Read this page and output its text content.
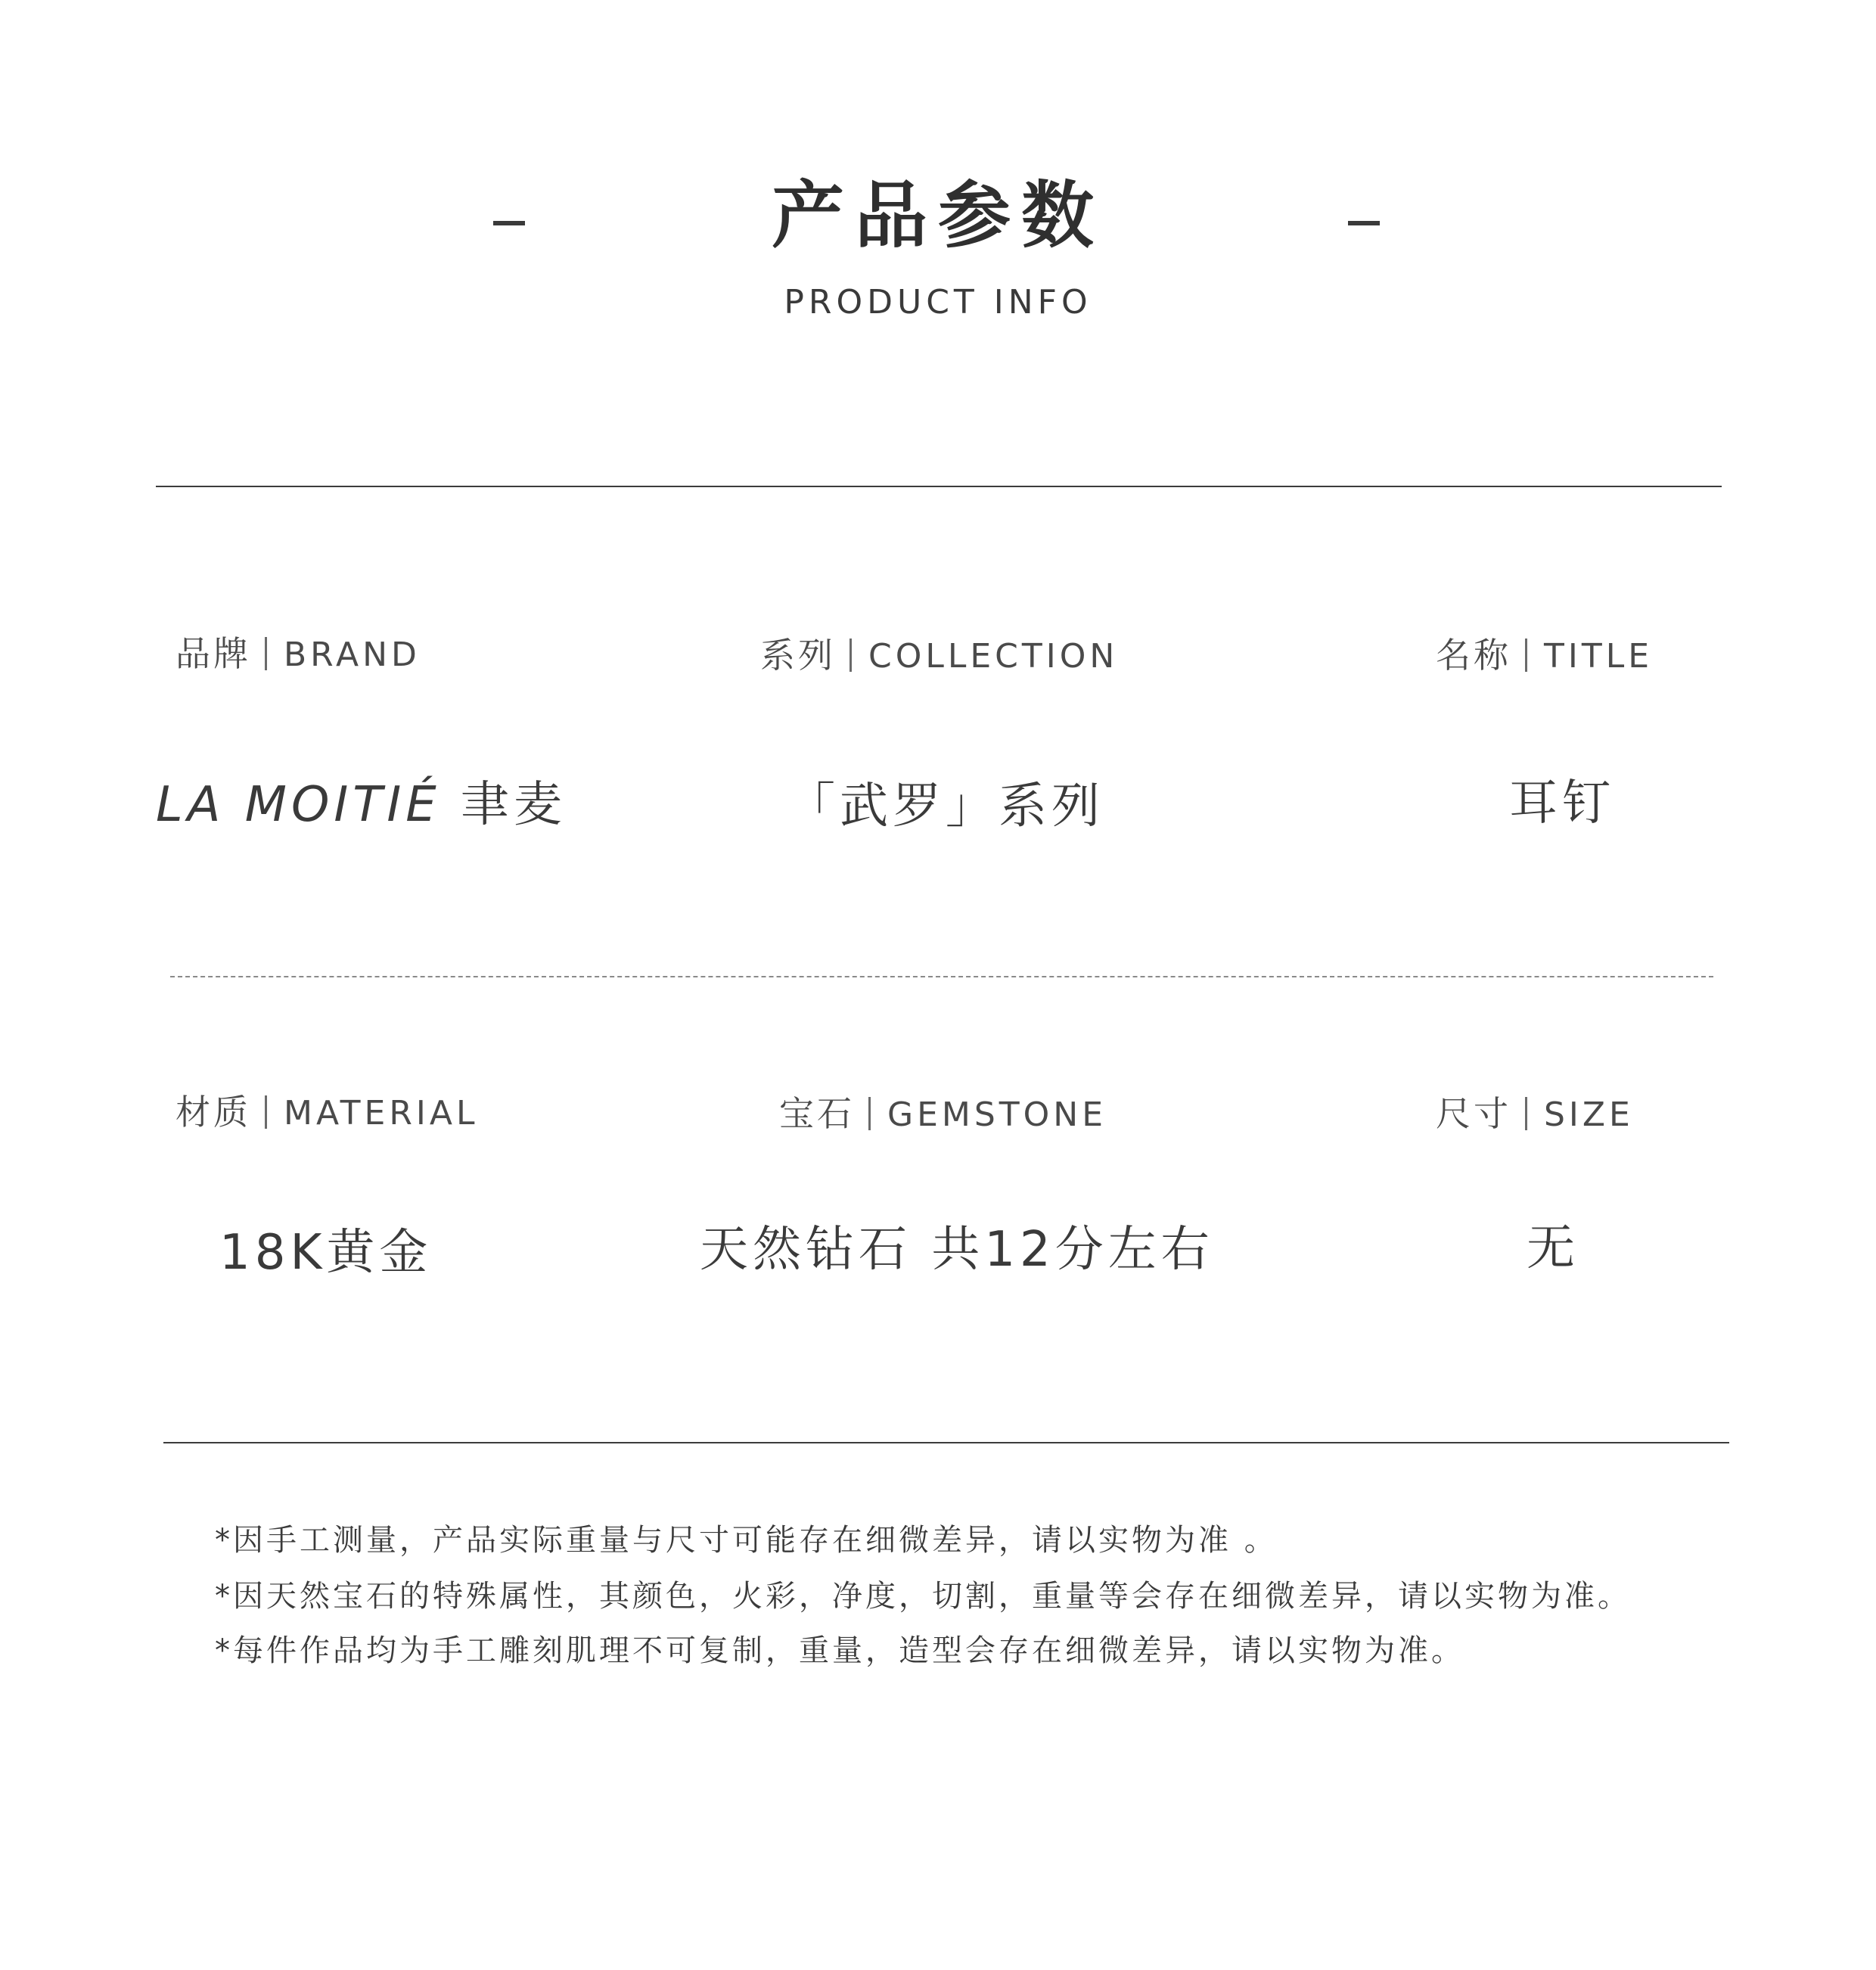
产品参数
PRODUCT INFO
品牌 BRAND	系列 COLLECTION	名称 TITLE
LA MOITIÉ 聿麦	「武罗」系列	耳钉
材质 MATERIAL	宝石 GEMSTONE	尺寸 SIZE
18K黄金	天然钻石 共12分左右	无
*因手工测量，产品实际重量与尺寸可能存在细微差异，请以实物为准 。
*因天然宝石的特殊属性，其颜色，火彩，净度，切割，重量等会存在细微差异，请以实物为准。
*每件作品均为手工雕刻肌理不可复制，重量，造型会存在细微差异，请以实物为准。
